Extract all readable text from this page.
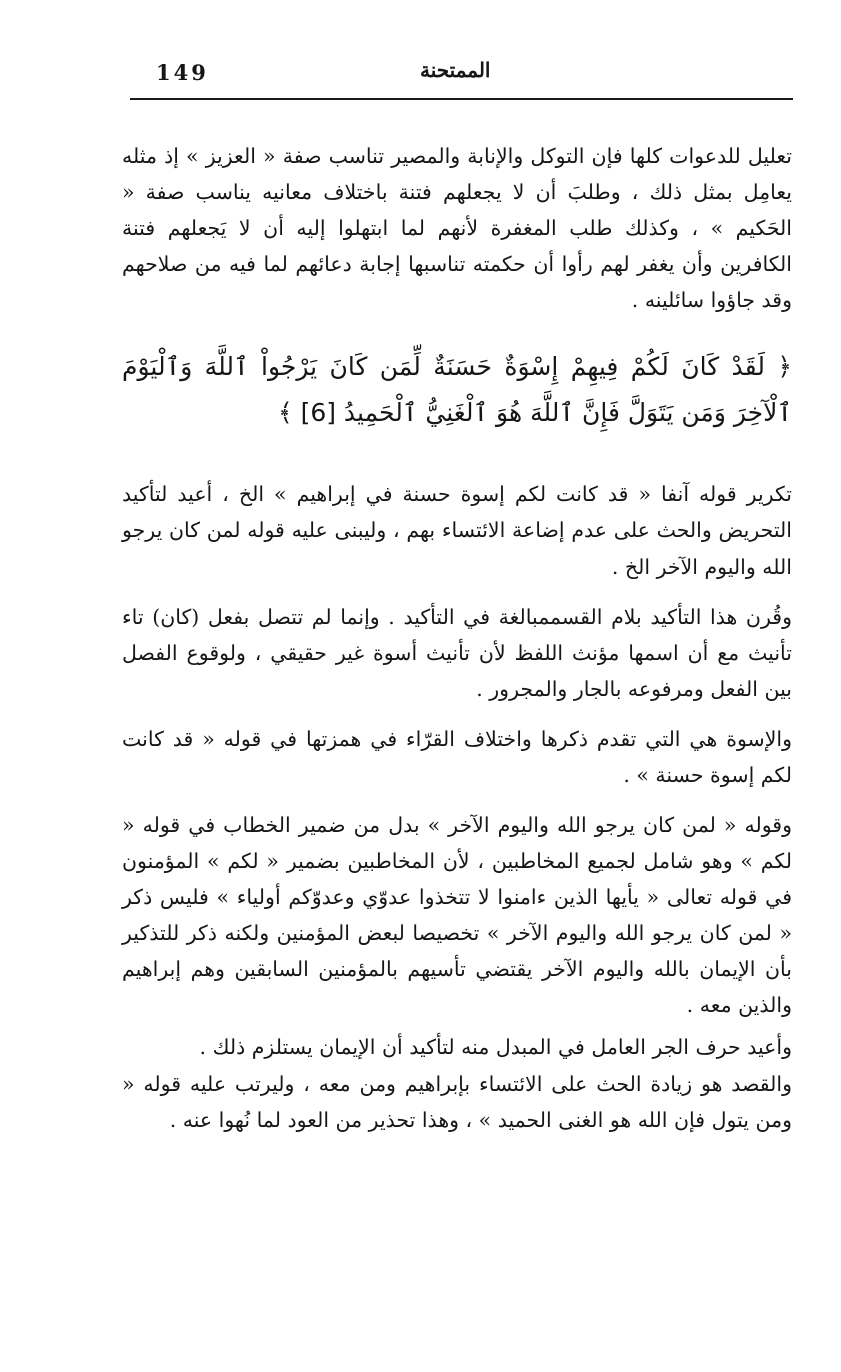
149	الممتحنة

تعليل للدعوات كلها فإن التوكل والإنابة والمصير تناسب صفة « العزيز » إذ مثله يعامِل بمثل ذلك ، وطلبَ أن لا يجعلهم فتنة باختلاف معانيه يناسب صفة « الحَكيم » ، وكذلك طلب المغفرة لأنهم لما ابتهلوا إليه أن لا يَجعلهم فتنة الكافرين وأن يغفر لهم رأوا أن حكمته تناسبها إجابة دعائهم لما فيه من صلاحهم وقد جاؤوا سائلينه .

﴿ لَقَدْ كَانَ لَكُمْ فِيهِمْ إِسْوَةٌ حَسَنَةٌ لِّمَن كَانَ يَرْجُواْ ٱللَّهَ وَٱلْيَوْمَ ٱلْآخِرَ وَمَن يَتَوَلَّ فَإِنَّ ٱللَّهَ هُوَ ٱلْغَنِيُّ ٱلْحَمِيدُ [6] ﴾

تكرير قوله آنفا « قد كانت لكم إسوة حسنة في إبراهيم » الخ ، أعيد لتأكيد التحريض والحث على عدم إضاعة الائتساء بهم ، وليبنى عليه قوله لمن كان يرجو الله واليوم الآخر الخ .

وقُرن هذا التأكيد بلام القسممبالغة في التأكيد . وإنما لم تتصل بفعل (كان) تاء تأنيث مع أن اسمها مؤنث اللفظ لأن تأنيث أسوة غير حقيقي ، ولوقوع الفصل بين الفعل ومرفوعه بالجار والمجرور .

والإسوة هي التي تقدم ذكرها واختلاف القرّاء في همزتها في قوله « قد كانت لكم إسوة حسنة » .

وقوله « لمن كان يرجو الله واليوم الآخر » بدل من ضمير الخطاب في قوله « لكم » وهو شامل لجميع المخاطبين ، لأن المخاطبين بضمير « لكم » المؤمنون في قوله تعالى « يأيها الذين ءامنوا لا تتخذوا عدوّي وعدوّكم أولياء » فليس ذكر « لمن كان يرجو الله واليوم الآخر » تخصيصا لبعض المؤمنين ولكنه ذكر للتذكير بأن الإيمان بالله واليوم الآخر يقتضي تأسيهم بالمؤمنين السابقين وهم إبراهيم والذين معه .

وأعيد حرف الجر العامل في المبدل منه لتأكيد أن الإيمان يستلزم ذلك .

والقصد هو زيادة الحث على الائتساء بإبراهيم ومن معه ، وليرتب عليه قوله « ومن يتول فإن الله هو الغنى الحميد » ، وهذا تحذير من العود لما نُهوا عنه .
